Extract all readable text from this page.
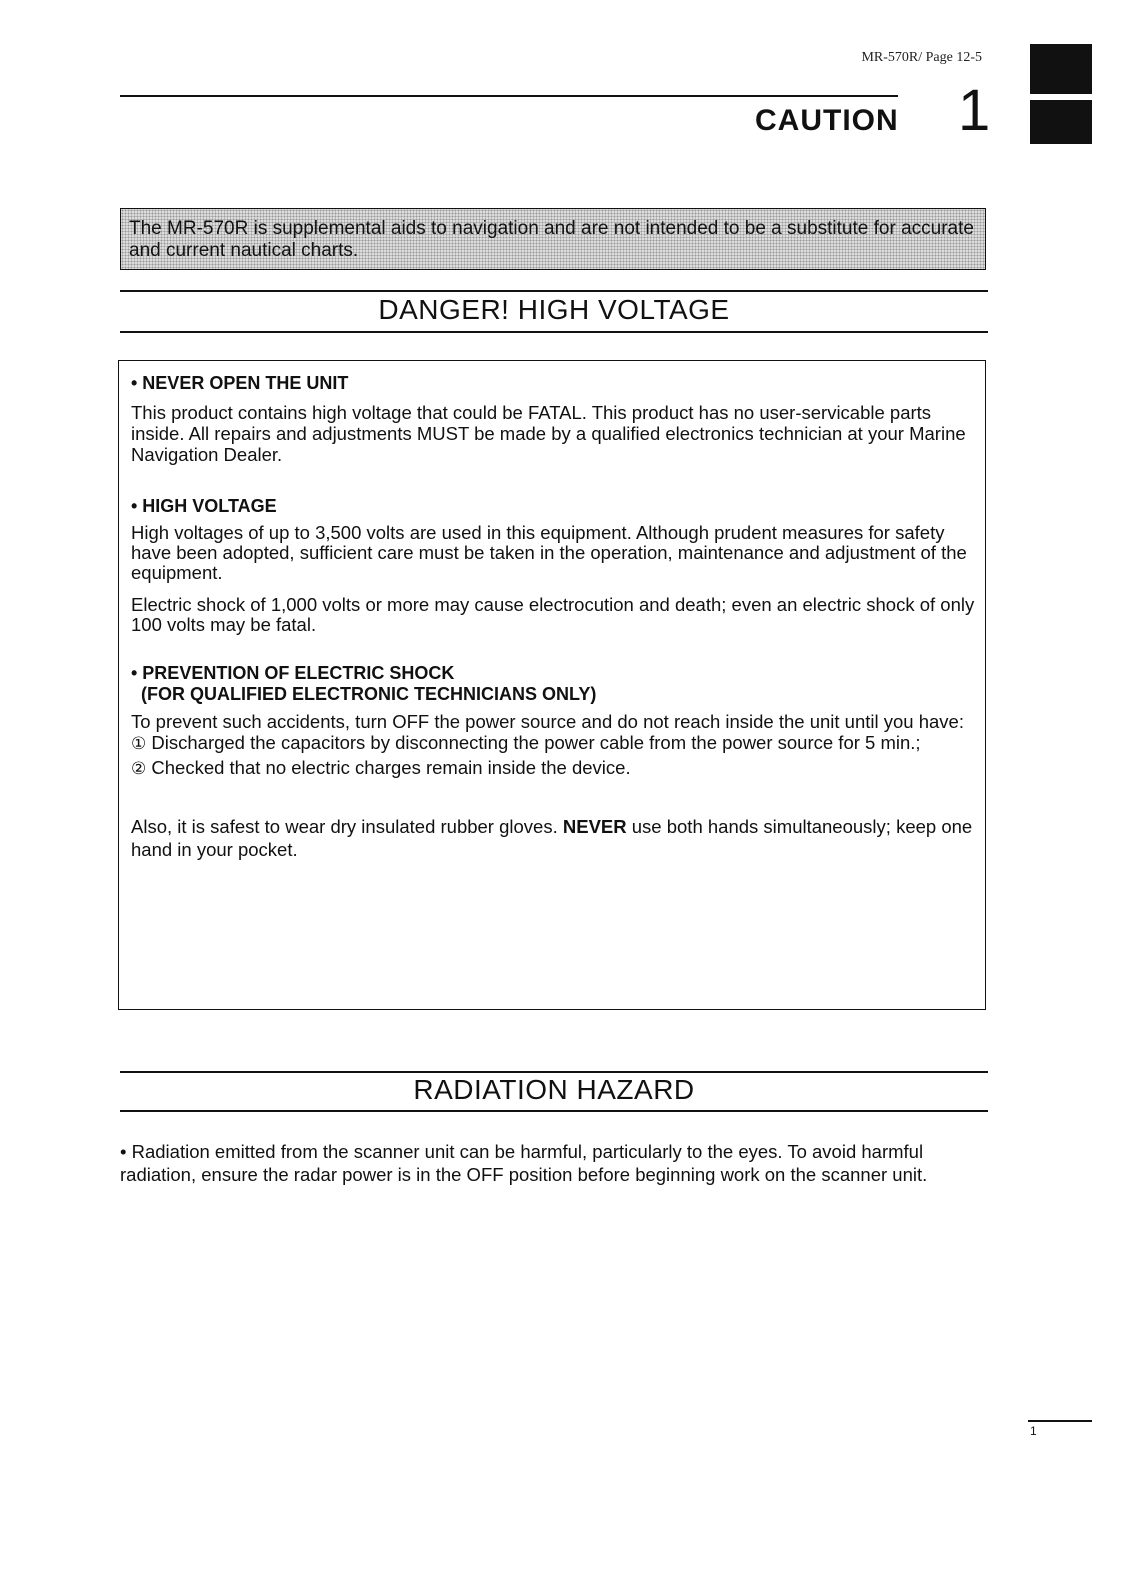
MR-570R/ Page 12-5
CAUTION 1
The MR-570R is supplemental aids to navigation and are not intended to be a substitute for accurate and current nautical charts.
DANGER! HIGH VOLTAGE

• NEVER OPEN THE UNIT

This product contains high voltage that could be FATAL. This product has no user-servicable parts inside. All repairs and adjustments MUST be made by a qualified electronics technician at your Marine Navigation Dealer.

• HIGH VOLTAGE

High voltages of up to 3,500 volts are used in this equipment. Although prudent measures for safety have been adopted, sufficient care must be taken in the operation, maintenance and adjustment of the equipment.

Electric shock of 1,000 volts or more may cause electrocution and death; even an electric shock of only 100 volts may be fatal.

• PREVENTION OF ELECTRIC SHOCK

(FOR QUALIFIED ELECTRONIC TECHNICIANS ONLY)

To prevent such accidents, turn OFF the power source and do not reach inside the unit until you have:

① Discharged the capacitors by disconnecting the power cable from the power source for 5 min.;

② Checked that no electric charges remain inside the device.

Also, it is safest to wear dry insulated rubber gloves. NEVER use both hands simultaneously; keep one hand in your pocket.

RADIATION HAZARD
• Radiation emitted from the scanner unit can be harmful, particularly to the eyes. To avoid harmful radiation, ensure the radar power is in the OFF position before beginning work on the scanner unit.
1
